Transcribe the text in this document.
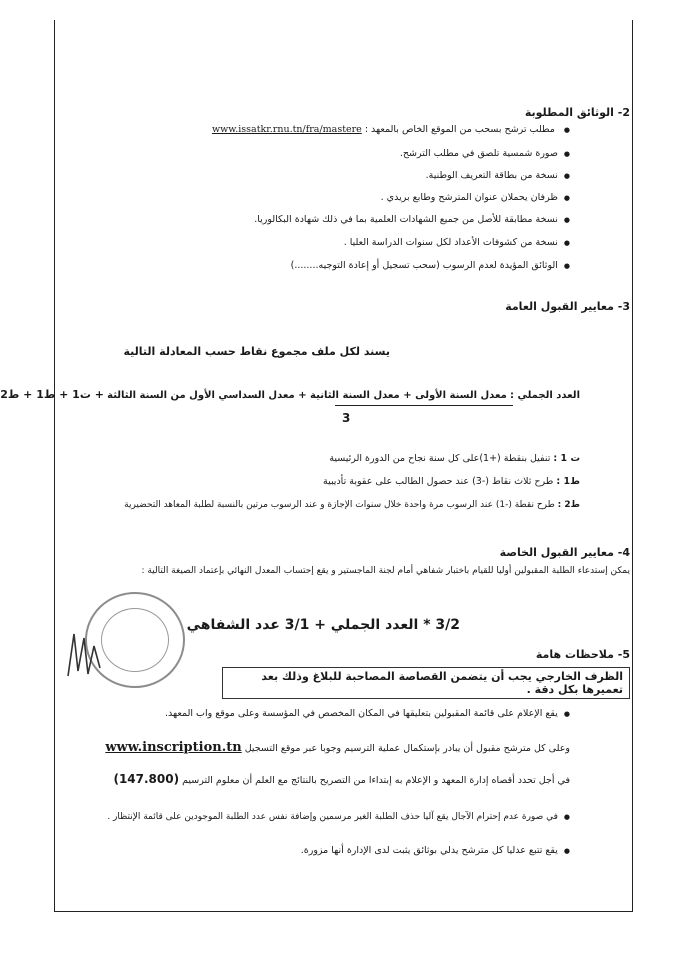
2- الوثائق المطلوبة
● مطلب ترشح بسحب من الموقع الخاص بالمعهد : www.issatkr.rnu.tn/fra/mastere
● صورة شمسية تلصق في مطلب الترشح.
● نسخة من بطاقة التعريف الوطنية.
● ظرفان يحملان عنوان المترشح وطابع بريدي .
● نسخة مطابقة للأصل من جميع الشهادات العلمية بما في ذلك شهادة البكالوريا.
● نسخة من كشوفات الأعداد لكل سنوات الدراسة العليا .
● الوثائق المؤيدة لعدم الرسوب (سحب تسجيل أو إعادة التوجيه........)
3- معايير القبول العامة
يسند لكل ملف مجموع نقاط حسب المعادلة التالية
العدد الجملي : معدل السنة الأولى + معدل السنة الثانية + معدل السداسي الأول من السنة الثالثة + ت1 + ط1 + ط2
3
ت 1 : تنفيل بنقطة (+1)على كل سنة نجاح من الدورة الرئيسية
ط1 : طرح ثلاث نقاط (-3) عند حصول الطالب على عقوبة تأديبية
ط2 : طرح نقطة (-1) عند الرسوب مرة واحدة خلال سنوات الإجازة و عند الرسوب مرتين بالنسبة لطلبة المعاهد التحضيرية
4- معايير القبول الخاصة
يمكن إستدعاء الطلبة المقبولين أوليا للقيام باختبار شفاهي أمام لجنة الماجستير و يقع إحتساب المعدل النهائي بإعتماد الصيغة التالية :
3/2 * العدد الجملي + 3/1 عدد الشفاهي
5- ملاحظات هامة
الظرف الخارجي يجب أن يتضمن القصاصة المصاحبة للبلاغ وذلك بعد تعميرها بكل دقة .
● يقع الإعلام على قائمة المقبولين بتعليقها في المكان المخصص في المؤسسة وعلى موقع واب المعهد.
وعلى كل مترشح مقبول أن يبادر بإستكمال عملية الترسيم وجوبا عبر موقع التسجيل www.inscription.tn
في أجل تحدد أقصاه إدارة المعهد و الإعلام به إبتداءا من التصريح بالنتائج مع العلم أن معلوم الترسيم (147.800)
● في صورة عدم إحترام الآجال يقع آليا حذف الطلبة الغير مرسمين وإضافة نفس عدد الطلبة الموجودين على قائمة الإنتظار .
● يقع تتبع عدليا كل مترشح يدلي بوثائق يثبت لدى الإدارة أنها مزورة.
